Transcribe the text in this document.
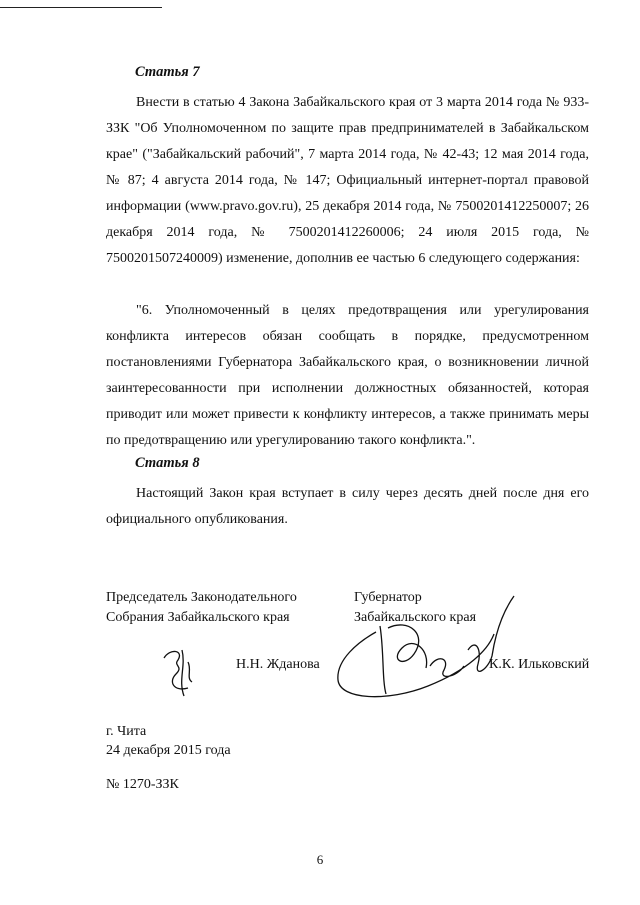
Статья 7
Внести в статью 4 Закона Забайкальского края от 3 марта 2014 года № 933-ЗЗК "Об Уполномоченном по защите прав предпринимателей в Забайкальском крае" ("Забайкальский рабочий", 7 марта 2014 года, № 42-43; 12 мая 2014 года, № 87; 4 августа 2014 года, № 147; Официальный интернет-портал правовой информации (www.pravo.gov.ru), 25 декабря 2014 года, № 7500201412250007; 26 декабря 2014 года, № 7500201412260006; 24 июля 2015 года, № 7500201507240009) изменение, дополнив ее частью 6 следующего содержания:
"6. Уполномоченный в целях предотвращения или урегулирования конфликта интересов обязан сообщать в порядке, предусмотренном постановлениями Губернатора Забайкальского края, о возникновении личной заинтересованности при исполнении должностных обязанностей, которая приводит или может привести к конфликту интересов, а также принимать меры по предотвращению или урегулированию такого конфликта.".
Статья 8
Настоящий Закон края вступает в силу через десять дней после дня его официального опубликования.
Председатель Законодательного
Собрания Забайкальского края
Губернатор
Забайкальского края
Н.Н. Жданова	К.К. Ильковский
г. Чита
24 декабря 2015 года
№ 1270-ЗЗК
6
